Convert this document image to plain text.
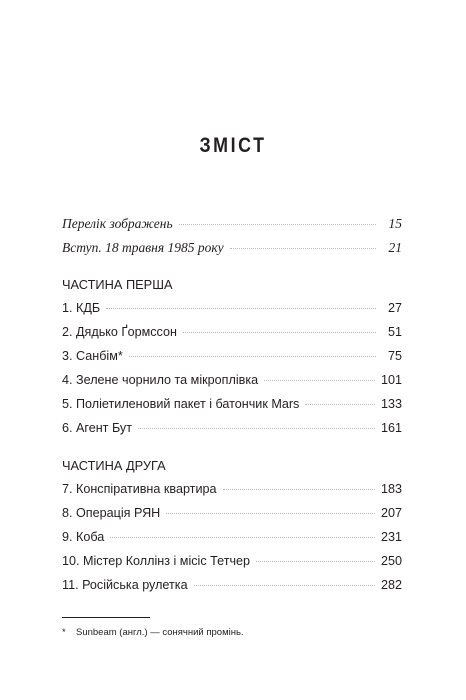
ЗМІСТ
Перелік зображень	15
Вступ. 18 травня 1985 року	21
ЧАСТИНА ПЕРША
1. КДБ	27
2. Дядько Ґормссон	51
3. Санбім*	75
4. Зелене чорнило та мікроплівка	101
5. Поліетиленовий пакет і батончик Mars	133
6. Агент Бут	161
ЧАСТИНА ДРУГА
7. Конспіративна квартира	183
8. Операція РЯН	207
9. Коба	231
10. Містер Коллінз і місіс Тетчер	250
11. Російська рулетка	282
* Sunbeam (англ.) — сонячний промінь.
